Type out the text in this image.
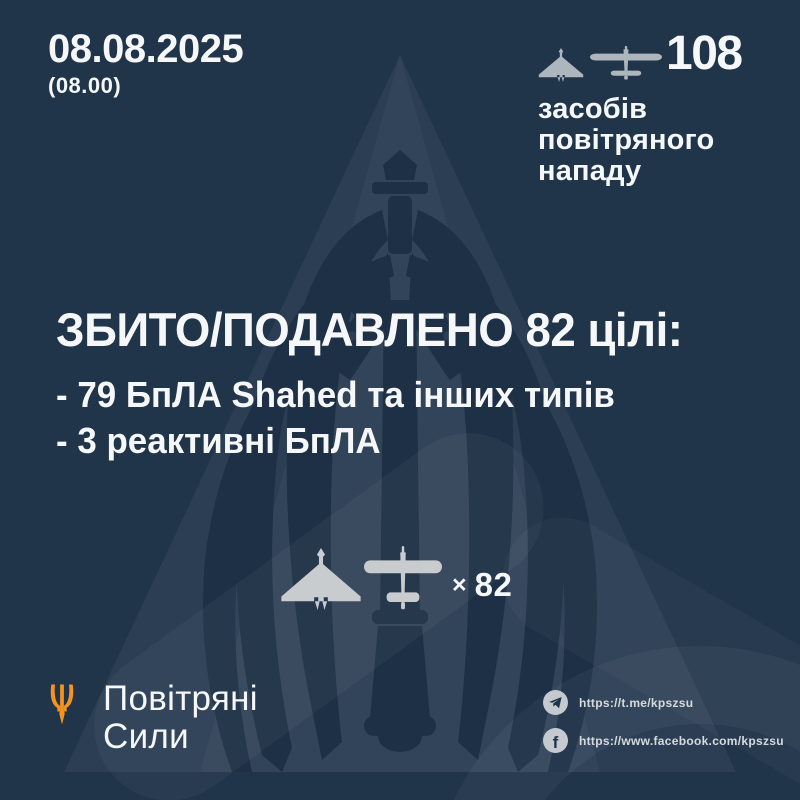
08.08.2025
(08.00)
108
засобів
повітряного
нападу
ЗБИТО/ПОДАВЛЕНО 82 цілі:
- 79 БпЛА Shahed та інших типів
- 3 реактивні БпЛА
× 82
Повітряні
Сили
https://t.me/kpszsu
f https://www.facebook.com/kpszsu
